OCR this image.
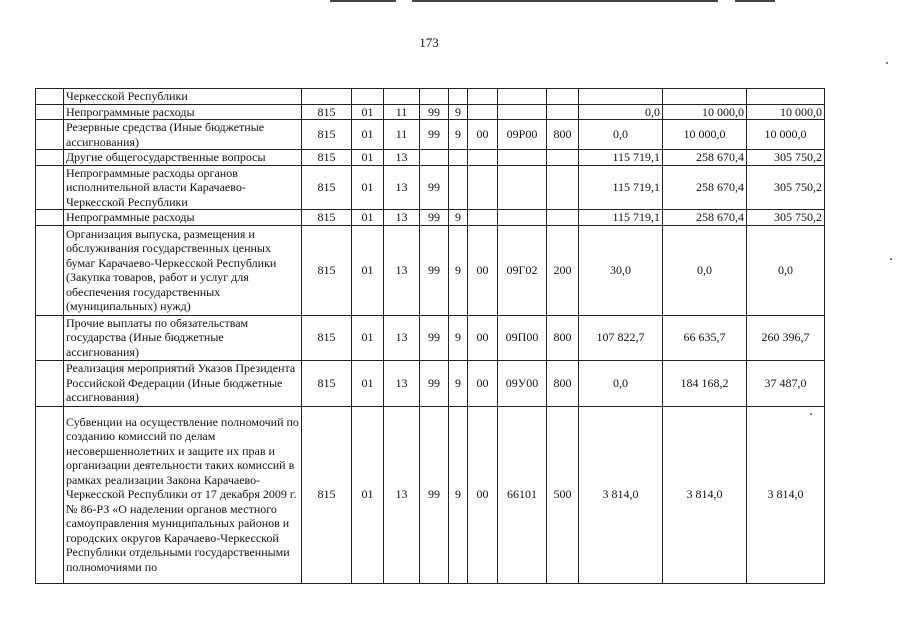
173
	Черкесской Республики											
	Непрограммные расходы	815	01	11	99	9				0,0	10 000,0	10 000,0
	Резервные средства (Иные бюджетные ассигнования)	815	01	11	99	9	00	09Р00	800	0,0	10 000,0	10 000,0
	Другие общегосударственные вопросы	815	01	13						115 719,1	258 670,4	305 750,2
	Непрограммные расходы органов исполнительной власти Карачаево-Черкесской Республики	815	01	13	99					115 719,1	258 670,4	305 750,2
	Непрограммные расходы	815	01	13	99	9				115 719,1	258 670,4	305 750,2
	Организация выпуска, размещения и обслуживания государственных ценных бумаг Карачаево-Черкесской Республики (Закупка товаров, работ и услуг для обеспечения государственных (муниципальных) нужд)	815	01	13	99	9	00	09Г02	200	30,0	0,0	0,0
	Прочие выплаты по обязательствам государства (Иные бюджетные ассигнования)	815	01	13	99	9	00	09П00	800	107 822,7	66 635,7	260 396,7
	Реализация мероприятий Указов Президента Российской Федерации (Иные бюджетные ассигнования)	815	01	13	99	9	00	09У00	800	0,0	184 168,2	37 487,0
	Субвенции на осуществление полномочий по созданию комиссий по делам несовершеннолетних и защите их прав и организации деятельности таких комиссий в рамках реализации Закона Карачаево-Черкесской Республики от 17 декабря 2009 г. № 86-РЗ «О наделении органов местного самоуправления муниципальных районов и городских округов Карачаево-Черкесской Республики отдельными государственными полномочиями по	815	01	13	99	9	00	66101	500	3 814,0	3 814,0	3 814,0
